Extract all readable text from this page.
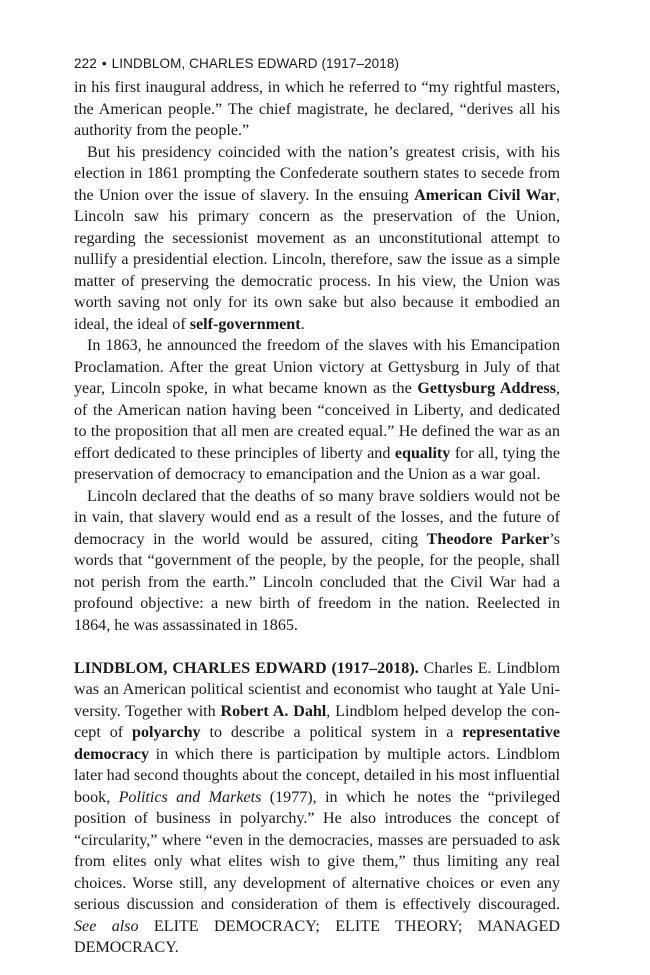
222 • LINDBLOM, CHARLES EDWARD (1917–2018)

in his first inaugural address, in which he referred to “my rightful masters, the American people.” The chief magistrate, he declared, “derives all his authority from the people.”

But his presidency coincided with the nation’s greatest crisis, with his election in 1861 prompting the Confederate southern states to secede from the Union over the issue of slavery. In the ensuing American Civil War, Lincoln saw his primary concern as the preservation of the Union, regarding the secessionist movement as an unconstitutional attempt to nullify a presidential election. Lincoln, therefore, saw the issue as a simple matter of preserving the democratic process. In his view, the Union was worth saving not only for its own sake but also because it embodied an ideal, the ideal of self-government.

In 1863, he announced the freedom of the slaves with his Emancipation Proclamation. After the great Union victory at Gettysburg in July of that year, Lincoln spoke, in what became known as the Gettysburg Address, of the American nation having been “conceived in Liberty, and dedicated to the proposition that all men are created equal.” He defined the war as an effort dedicated to these principles of liberty and equality for all, tying the preservation of democracy to emancipation and the Union as a war goal.

Lincoln declared that the deaths of so many brave soldiers would not be in vain, that slavery would end as a result of the losses, and the future of democracy in the world would be assured, citing Theodore Parker’s words that “government of the people, by the people, for the people, shall not perish from the earth.” Lincoln concluded that the Civil War had a profound objective: a new birth of freedom in the nation. Reelected in 1864, he was assassinated in 1865.

LINDBLOM, CHARLES EDWARD (1917–2018). Charles E. Lindblom was an American political scientist and economist who taught at Yale University. Together with Robert A. Dahl, Lindblom helped develop the concept of polyarchy to describe a political system in a representative democracy in which there is participation by multiple actors. Lindblom later had second thoughts about the concept, detailed in his most influential book, Politics and Markets (1977), in which he notes the “privileged position of business in polyarchy.” He also introduces the concept of “circularity,” where “even in the democracies, masses are persuaded to ask from elites only what elites wish to give them,” thus limiting any real choices. Worse still, any development of alternative choices or even any serious discussion and consideration of them is effectively discouraged. See also ELITE DEMOCRACY; ELITE THEORY; MANAGED DEMOCRACY.
